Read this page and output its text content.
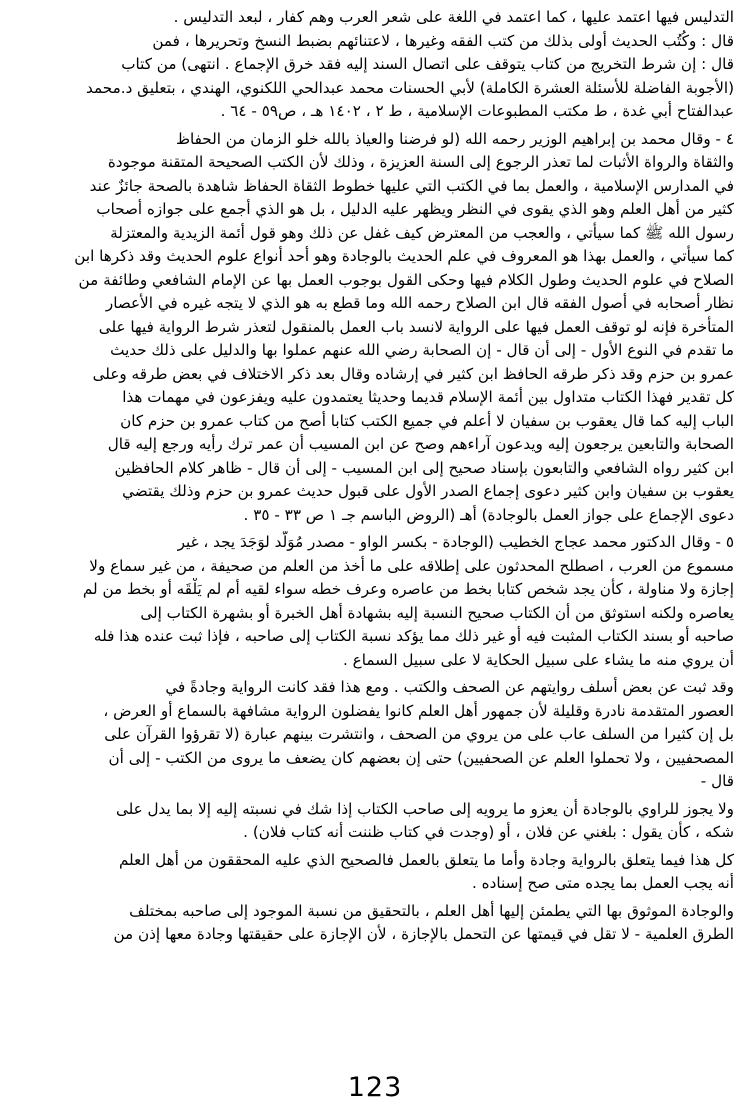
التدليس فيها اعتمد عليها ، كما اعتمد في اللغة على شعر العرب وهم كفار ، لبعد التدليس .
قال : وكُتُب الحديث أولى بذلك من كتب الفقه وغيرها ، لاعتنائهم بضبط النسخ وتحريرها ، فمن
قال : إن شرط التخريج من كتاب يتوقف على اتصال السند إليه فقد خرق الإجماع . انتهى) من كتاب
(الأجوبة الفاضلة للأسئلة العشرة الكاملة) لأبي الحسنات محمد عبدالحي اللكنوي، الهندي ، بتعليق د.محمد
عبدالفتاح أبي غدة ، ط مكتب المطبوعات الإسلامية ، ط ٢ ، ١٤٠٢ هـ ، ص٥٩ - ٦٤ .
٤ - وقال محمد بن إبراهيم الوزير رحمه الله (لو فرضنا والعياذ بالله خلو الزمان من الحفاظ
والثقاة والرواة الأثبات لما تعذر الرجوع إلى السنة العزيزة ، وذلك لأن الكتب الصحيحة المتقنة موجودة
في المدارس الإسلامية ، والعمل بما في الكتب التي عليها خطوط الثقاة الحفاظ شاهدة بالصحة جائزٌ عند
كثير من أهل العلم وهو الذي يقوى في النظر ويظهر عليه الدليل ، بل هو الذي أجمع على جوازه أصحاب
رسول الله ﷺ كما سيأتي ، والعجب من المعترض كيف غفل عن ذلك وهو قول أئمة الزيدية والمعتزلة
كما سيأتي ، والعمل بهذا هو المعروف في علم الحديث بالوجادة وهو أحد أنواع علوم الحديث وقد ذكرها ابن
الصلاح في علوم الحديث وطول الكلام فيها وحكى القول بوجوب العمل بها عن الإمام الشافعي وطائفة من
نظار أصحابه في أصول الفقه قال ابن الصلاح رحمه الله وما قطع به هو الذي لا يتجه غيره في الأعصار
المتأخرة فإنه لو توقف العمل فيها على الرواية لانسد باب العمل بالمنقول لتعذر شرط الرواية فيها على
ما تقدم في النوع الأول - إلى أن قال - إن الصحابة رضي الله عنهم عملوا بها والدليل على ذلك حديث
عمرو بن حزم وقد ذكر طرقه الحافظ ابن كثير في إرشاده وقال بعد ذكر الاختلاف في بعض طرقه وعلى
كل تقدير فهذا الكتاب متداول بين أئمة الإسلام قديما وحديثا يعتمدون عليه ويفزعون في مهمات هذا
الباب إليه كما قال يعقوب بن سفيان لا أعلم في جميع الكتب كتابا أصح من كتاب عمرو بن حزم كان
الصحابة والتابعين يرجعون إليه ويدعون آراءهم وصح عن ابن المسيب أن عمر ترك رأيه ورجع إليه قال
ابن كثير رواه الشافعي والتابعون بإسناد صحيح إلى ابن المسيب - إلى أن قال - ظاهر كلام الحافظين
يعقوب بن سفيان وابن كثير دعوى إجماع الصدر الأول على قبول حديث عمرو بن حزم وذلك يقتضي
دعوى الإجماع على جواز العمل بالوجادة) أهـ (الروض الباسم جـ ١ ص ٣٣ - ٣٥ .
٥ - وقال الدكتور محمد عجاج الخطيب (الوجادة - بكسر الواو - مصدر مُوَلَّد لوَجَدَ يجد ، غير
مسموع من العرب ، اصطلح المحدثون على إطلاقه على ما أخذ من العلم من صحيفة ، من غير سماع ولا
إجازة ولا مناولة ، كأن يجد شخص كتابا بخط من عاصره وعرف خطه سواء لقيه أم لم يَلْقَه أو بخط من لم
يعاصره ولكنه استوثق من أن الكتاب صحيح النسبة إليه بشهادة أهل الخبرة أو بشهرة الكتاب إلى
صاحبه أو بسند الكتاب المثبت فيه أو غير ذلك مما يؤكد نسبة الكتاب إلى صاحبه ، فإذا ثبت عنده هذا فله
أن يروي منه ما يشاء على سبيل الحكاية لا على سبيل السماع .
وقد ثبت عن بعض أسلف روايتهم عن الصحف والكتب . ومع هذا فقد كانت الرواية وجادةً في
العصور المتقدمة نادرة وقليلة لأن جمهور أهل العلم كانوا يفضلون الرواية مشافهة بالسماع أو العرض ،
بل إن كثيرا من السلف عاب على من يروي من الصحف ، وانتشرت بينهم عبارة (لا تقرؤوا القرآن على
المصحفيين ، ولا تحملوا العلم عن الصحفيين) حتى إن بعضهم كان يضعف ما يروى من الكتب - إلى أن
قال -
ولا يجوز للراوي بالوجادة أن يعزو ما يرويه إلى صاحب الكتاب إذا شك في نسبته إليه إلا بما يدل على
شكه ، كأن يقول : بلغني عن فلان ، أو (وجدت في كتاب ظننت أنه كتاب فلان) .
كل هذا فيما يتعلق بالرواية وجادة وأما ما يتعلق بالعمل فالصحيح الذي عليه المحققون من أهل العلم
أنه يجب العمل بما يجده متى صح إسناده .
والوجادة الموثوق بها التي يطمئن إليها أهل العلم ، بالتحقيق من نسبة الموجود إلى صاحبه بمختلف
الطرق العلمية - لا تقل في قيمتها عن التحمل بالإجازة ، لأن الإجازة على حقيقتها وجادة معها إذن من
123
